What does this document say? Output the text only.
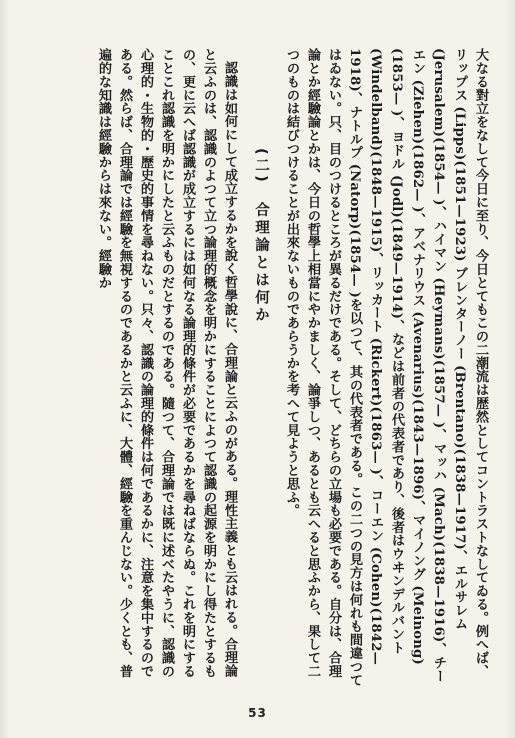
大なる對立をなして今日に至り、今日とてもこの二潮流は歴然としてコントラストなしてゐる。例へば、リップス (Lipps)(1851—1923) ブレンターノー (Brentano)(1838—1917)、エルサレム (Jerusalem)(1854— )、ハイマン (Heymans)(1857— )、マッハ (Mach)(1838—1916)、チーエン (Ziehen)(1862— )、アベナリウス (Avenarius)(1843—1896)、マイノング (Meinong)(1853— )、ヨドル (Jodl)(1849—1914)、などは前者の代表者であり、後者はウヰンデルバント (Windelband)(1848—1915)、リッカート (Rickert)(1863— )、コーエン (Cohen)(1842—1918)、ナトルプ (Natorp)(1854— )を以つて、其の代表者である。この二つの見方は何れも間違つてはゐない。只、目のつけるところが異るだけである。そして、どちらの立場も必要である。自分は、合理論とか經驗論とかは、今日の哲學上相當にやかましく、論爭しつ、あるとも云へると思ふから、果して二つのものは結びつけることが出來ないものであらうかを考へて見ようと思ふ。

(二)　合理論とは何か

認識は如何にして成立するかを說く哲學說に、合理論と云ふのがある。理性主義とも云はれる。合理論と云ふのは、認識のよつて立つ論理的概念を明かにすることによつて認識の起源を明かにし得たとするもの、更に云へば認識が成立するには如何なる論理的條件が必要であるかを尋ねばならぬ。これを明にすることこれ認識を明かにしたと云ふものだとするのである。隨つて、合理論では既に述べたやうに、認識の心理的・生物的・歷史的事情を尋ねない。只々、認識の論理的條件は何であるかに、注意を集中するのである。然らば、合理論では經驗を無視するのであるかと云ふに、大體、經驗を重んじない。少くとも、普遍的な知識は經驗からは來ない。經驗か

53
